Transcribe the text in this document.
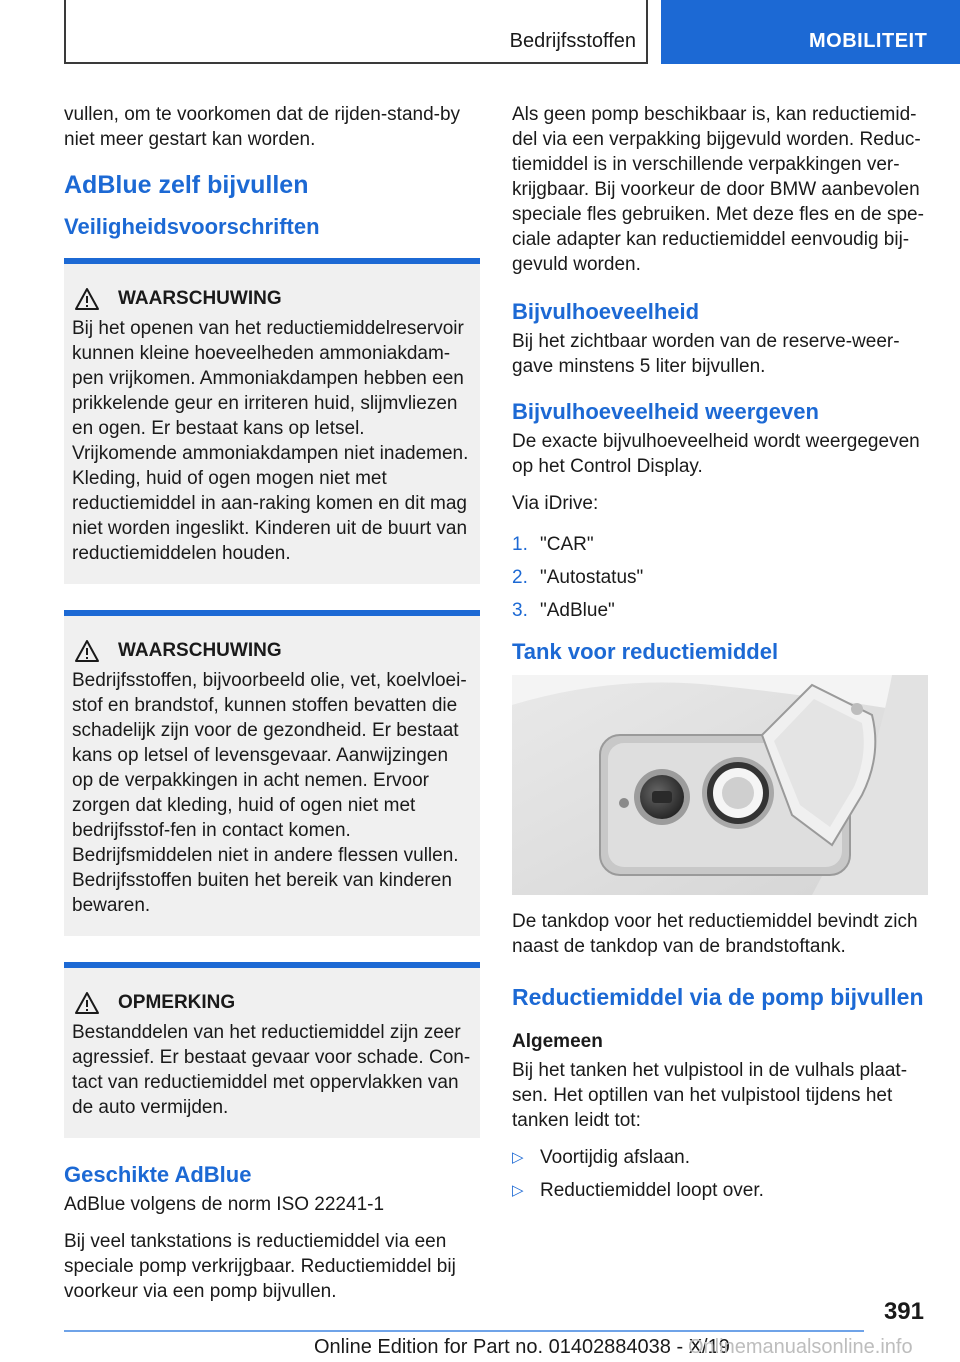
Bedrijfsstoffen	MOBILITEIT

vullen, om te voorkomen dat de rijden-stand-by niet meer gestart kan worden.

AdBlue zelf bijvullen
Veiligheidsvoorschriften
WAARSCHUWING

Bij het openen van het reductiemiddelreservoir kunnen kleine hoeveelheden ammoniakdam-pen vrijkomen. Ammoniakdampen hebben een prikkelende geur en irriteren huid, slijmvliezen en ogen. Er bestaat kans op letsel. Vrijkomende ammoniakdampen niet inademen. Kleding, huid of ogen mogen niet met reductiemiddel in aan-raking komen en dit mag niet worden ingeslikt. Kinderen uit de buurt van reductiemiddelen houden.

WAARSCHUWING

Bedrijfsstoffen, bijvoorbeeld olie, vet, koelvloei-stof en brandstof, kunnen stoffen bevatten die schadelijk zijn voor de gezondheid. Er bestaat kans op letsel of levensgevaar. Aanwijzingen op de verpakkingen in acht nemen. Ervoor zorgen dat kleding, huid of ogen niet met bedrijfsstof-fen in contact komen. Bedrijfsmiddelen niet in andere flessen vullen. Bedrijfsstoffen buiten het bereik van kinderen bewaren.

OPMERKING

Bestanddelen van het reductiemiddel zijn zeer agressief. Er bestaat gevaar voor schade. Con-tact van reductiemiddel met oppervlakken van de auto vermijden.

Geschikte AdBlue

AdBlue volgens de norm ISO 22241-1

Bij veel tankstations is reductiemiddel via een speciale pomp verkrijgbaar. Reductiemiddel bij voorkeur via een pomp bijvullen.

Als geen pomp beschikbaar is, kan reductiemid-del via een verpakking bijgevuld worden. Reduc-tiemiddel is in verschillende verpakkingen ver-krijgbaar. Bij voorkeur de door BMW aanbevolen speciale fles gebruiken. Met deze fles en de spe-ciale adapter kan reductiemiddel eenvoudig bij-gevuld worden.

Bijvulhoeveelheid

Bij het zichtbaar worden van de reserve-weer-gave minstens 5 liter bijvullen.

Bijvulhoeveelheid weergeven

De exacte bijvulhoeveelheid wordt weergegeven op het Control Display.

Via iDrive:

1. "CAR"
2. "Autostatus"
3. "AdBlue"
Tank voor reductiemiddel

De tankdop voor het reductiemiddel bevindt zich naast de tankdop van de brandstoftank.

Reductiemiddel via de pomp bijvullen
Algemeen

Bij het tanken het vulpistool in de vulhals plaat-sen. Het optillen van het vulpistool tijdens het tanken leidt tot:

▷ Voortijdig afslaan.
▷ Reductiemiddel loopt over.
391
Online Edition for Part no. 01402884038 - X/19
Onlinemanualsonline.info
